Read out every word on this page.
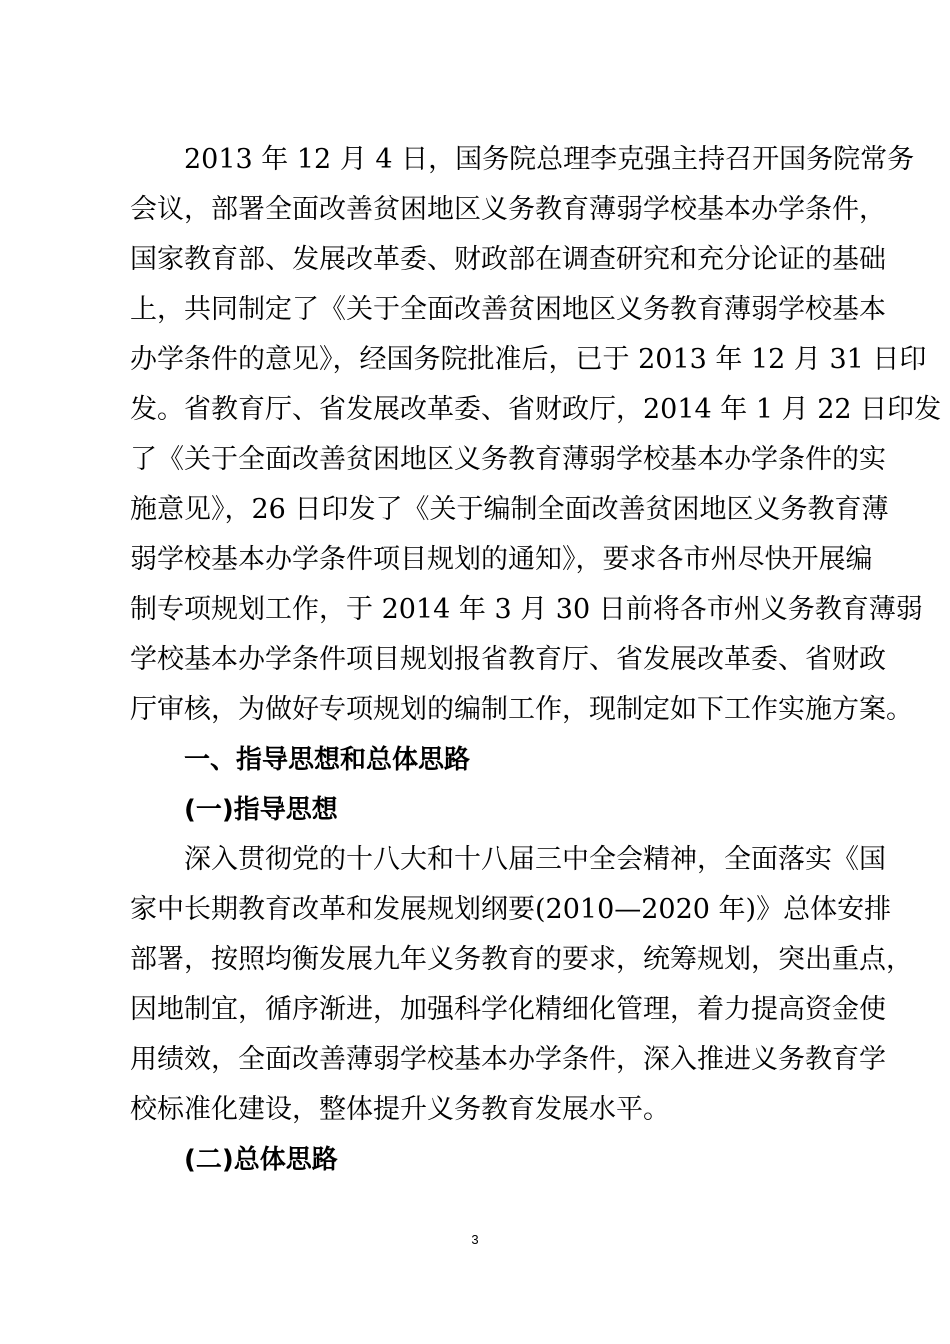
2013 年 12 月 4 日，国务院总理李克强主持召开国务院常务
会议，部署全面改善贫困地区义务教育薄弱学校基本办学条件，
国家教育部、发展改革委、财政部在调查研究和充分论证的基础
上，共同制定了《关于全面改善贫困地区义务教育薄弱学校基本
办学条件的意见》，经国务院批准后，已于 2013 年 12 月 31 日印
发。省教育厅、省发展改革委、省财政厅，2014 年 1 月 22 日印发
了《关于全面改善贫困地区义务教育薄弱学校基本办学条件的实
施意见》，26 日印发了《关于编制全面改善贫困地区义务教育薄
弱学校基本办学条件项目规划的通知》，要求各市州尽快开展编
制专项规划工作，于 2014 年 3 月 30 日前将各市州义务教育薄弱
学校基本办学条件项目规划报省教育厅、省发展改革委、省财政
厅审核，为做好专项规划的编制工作，现制定如下工作实施方案。
一、指导思想和总体思路
(一)指导思想
深入贯彻党的十八大和十八届三中全会精神，全面落实《国
家中长期教育改革和发展规划纲要(2010—2020 年)》总体安排
部署，按照均衡发展九年义务教育的要求，统筹规划，突出重点，
因地制宜，循序渐进，加强科学化精细化管理，着力提高资金使
用绩效，全面改善薄弱学校基本办学条件，深入推进义务教育学
校标准化建设，整体提升义务教育发展水平。
(二)总体思路
3
